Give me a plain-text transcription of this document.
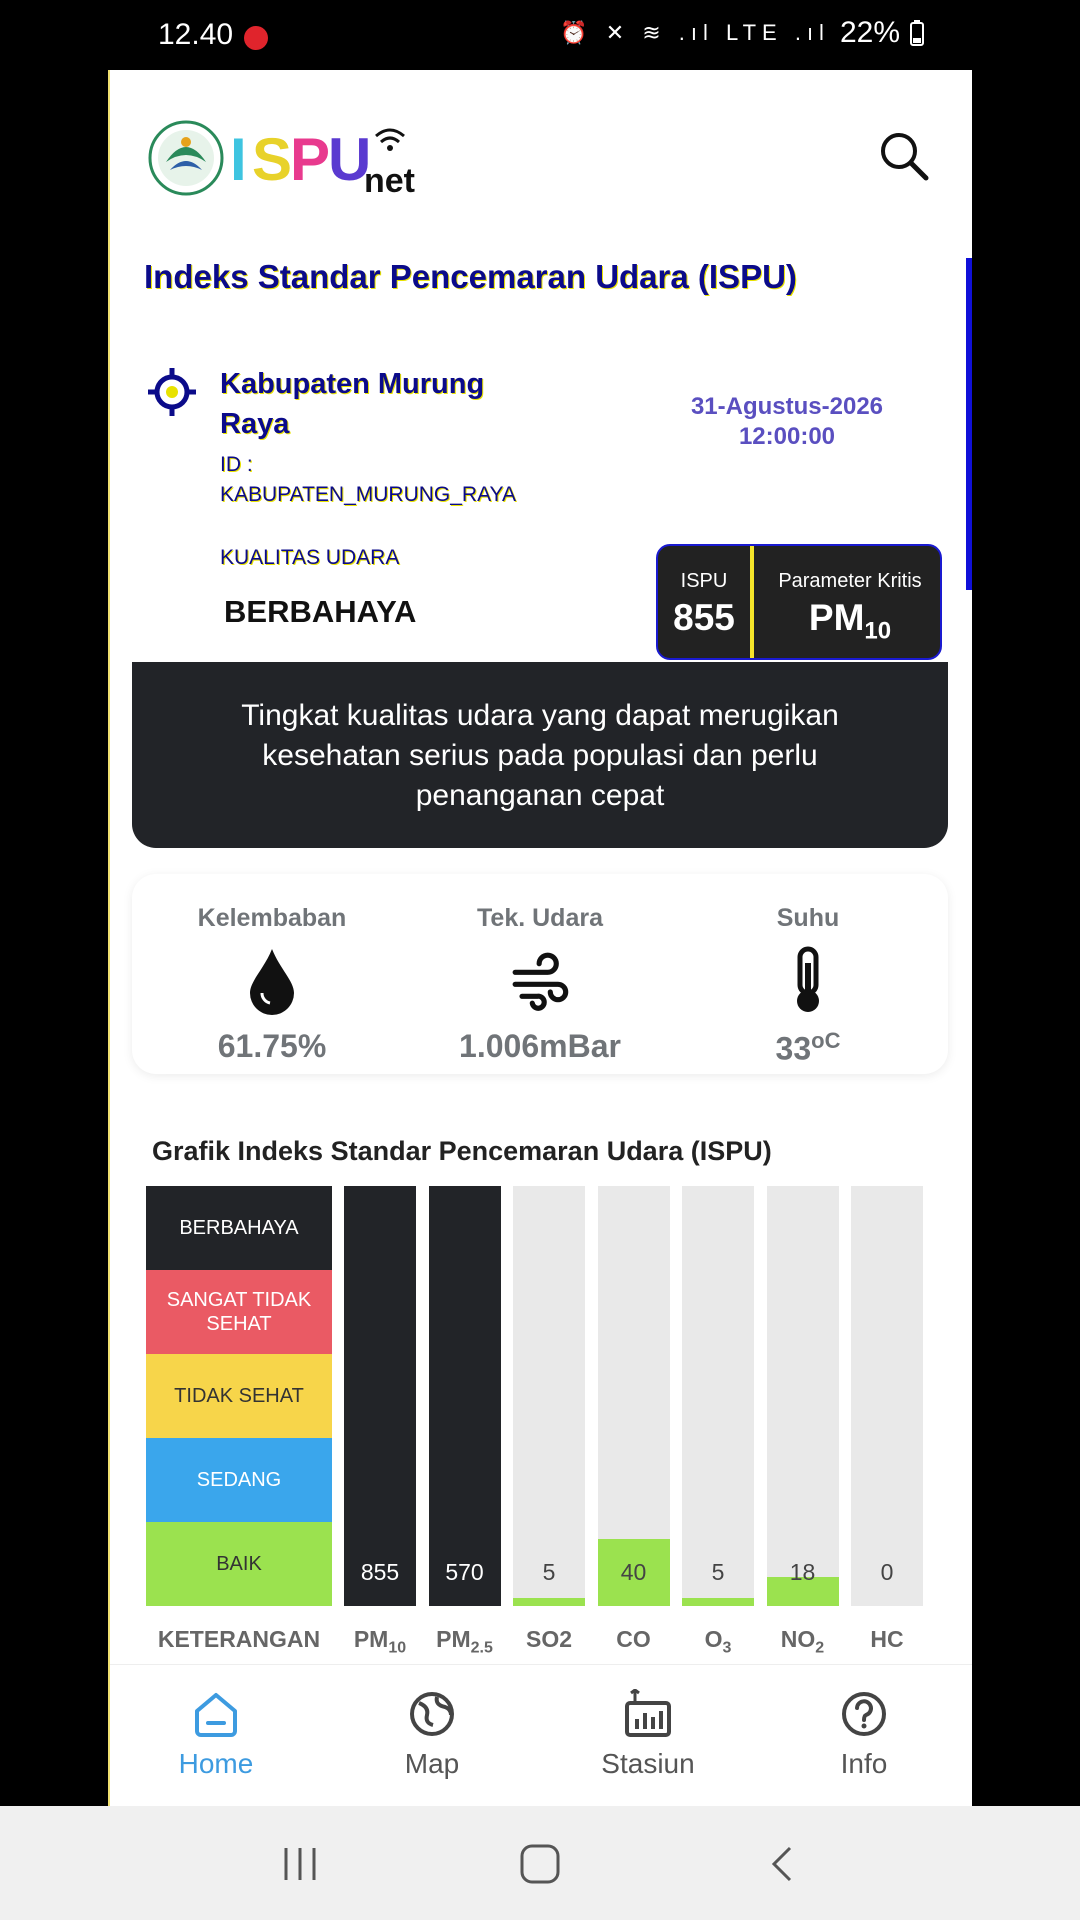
12.40	⏰ ✕ ≋ .ıl LTE .ıl 22%
I S
P
U
net
Indeks Standar Pencemaran Udara (ISPU)
Kabupaten Murung Raya
ID :
KABUPATEN_MURUNG_RAYA
KUALITAS UDARA
BERBAHAYA
31-Agustus-2026
12:00:00
ISPU
855
Parameter Kritis
$PM_{10}$
Tingkat kualitas udara yang dapat merugikan kesehatan serius pada populasi dan perlu penanganan cepat
Kelembaban
61.75%
Tek. Udara
1.006mBar
Suhu
$33^{oC}$
Grafik Indeks Standar Pencemaran Udara (ISPU)
BERBAHAYA
SANGAT TIDAK SEHAT
TIDAK SEHAT
SEDANG
BAIK	855	570	5	40	5	18	0
KETERANGAN	$PM_{10}$	$PM_{2.5}$	SO2	CO	$O_3$	$NO_2$	HC
Home	Map	Stasiun	Info
